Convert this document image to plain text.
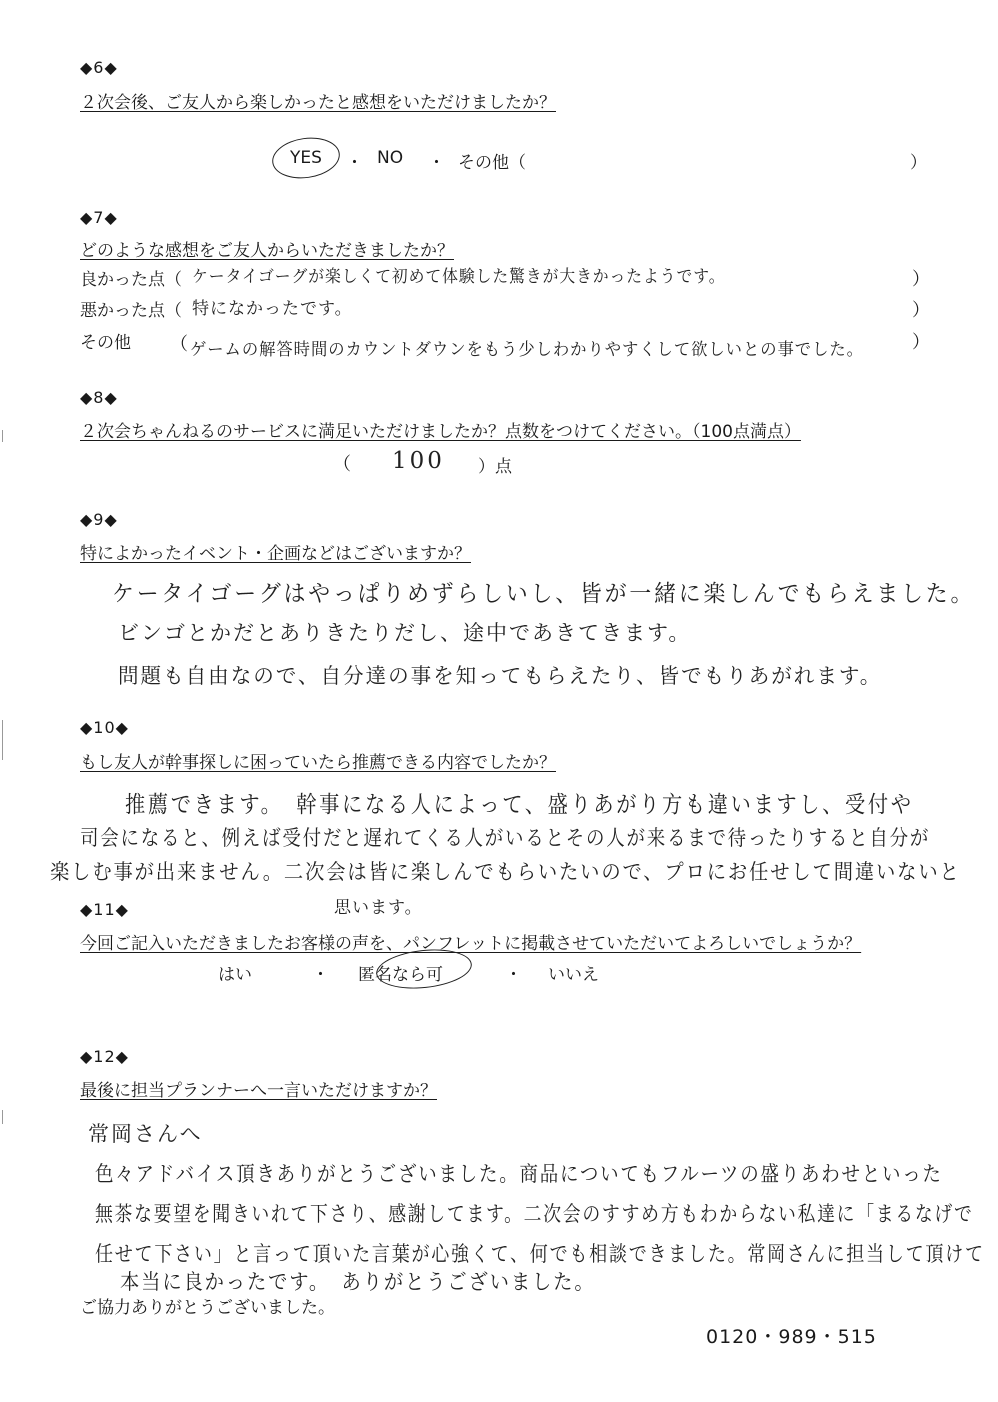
◆6◆
２次会後、ご友人から楽しかったと感想をいただけましたか？
YES ・ NO ・ その他（	）
◆7◆
どのような感想をご友人からいただきましたか？
良かった点（ ケータイゴーグが楽しくて初めて体験した驚きが大きかったようです。	）
悪かった点（ 特になかったです。	）
その他 （ ゲームの解答時間のカウントダウンをもう少しわかりやすくして欲しいとの事でした。	）
◆8◆
２次会ちゃんねるのサービスに満足いただけましたか？点数をつけてください。（100点満点）
（ 100 ）点
◆9◆
特によかったイベント・企画などはございますか？
ケータイゴーグはやっぱりめずらしいし、皆が一緒に楽しんでもらえました。
ビンゴとかだとありきたりだし、途中であきてきます。
問題も自由なので、自分達の事を知ってもらえたり、皆でもりあがれます。
◆10◆
もし友人が幹事探しに困っていたら推薦できる内容でしたか？
推薦できます。　幹事になる人によって、盛りあがり方も違いますし、受付や
司会になると、例えば受付だと遅れてくる人がいるとその人が来るまで待ったりすると自分が
楽しむ事が出来ません。二次会は皆に楽しんでもらいたいので、プロにお任せして間違いないと
思います。
◆11◆
今回ご記入いただきましたお客様の声を、パンフレットに掲載させていただいてよろしいでしょうか？
はい	・ 匿名なら可	・ いいえ
◆12◆
最後に担当プランナーへ一言いただけますか？
常岡さんへ
色々アドバイス頂きありがとうございました。商品についてもフルーツの盛りあわせといった
無茶な要望を聞きいれて下さり、感謝してます。二次会のすすめ方もわからない私達に「まるなげで
任せて下さい」と言って頂いた言葉が心強くて、何でも相談できました。常岡さんに担当して頂けて
本当に良かったです。　ありがとうございました。
ご協力ありがとうございました。
0120・989・515
